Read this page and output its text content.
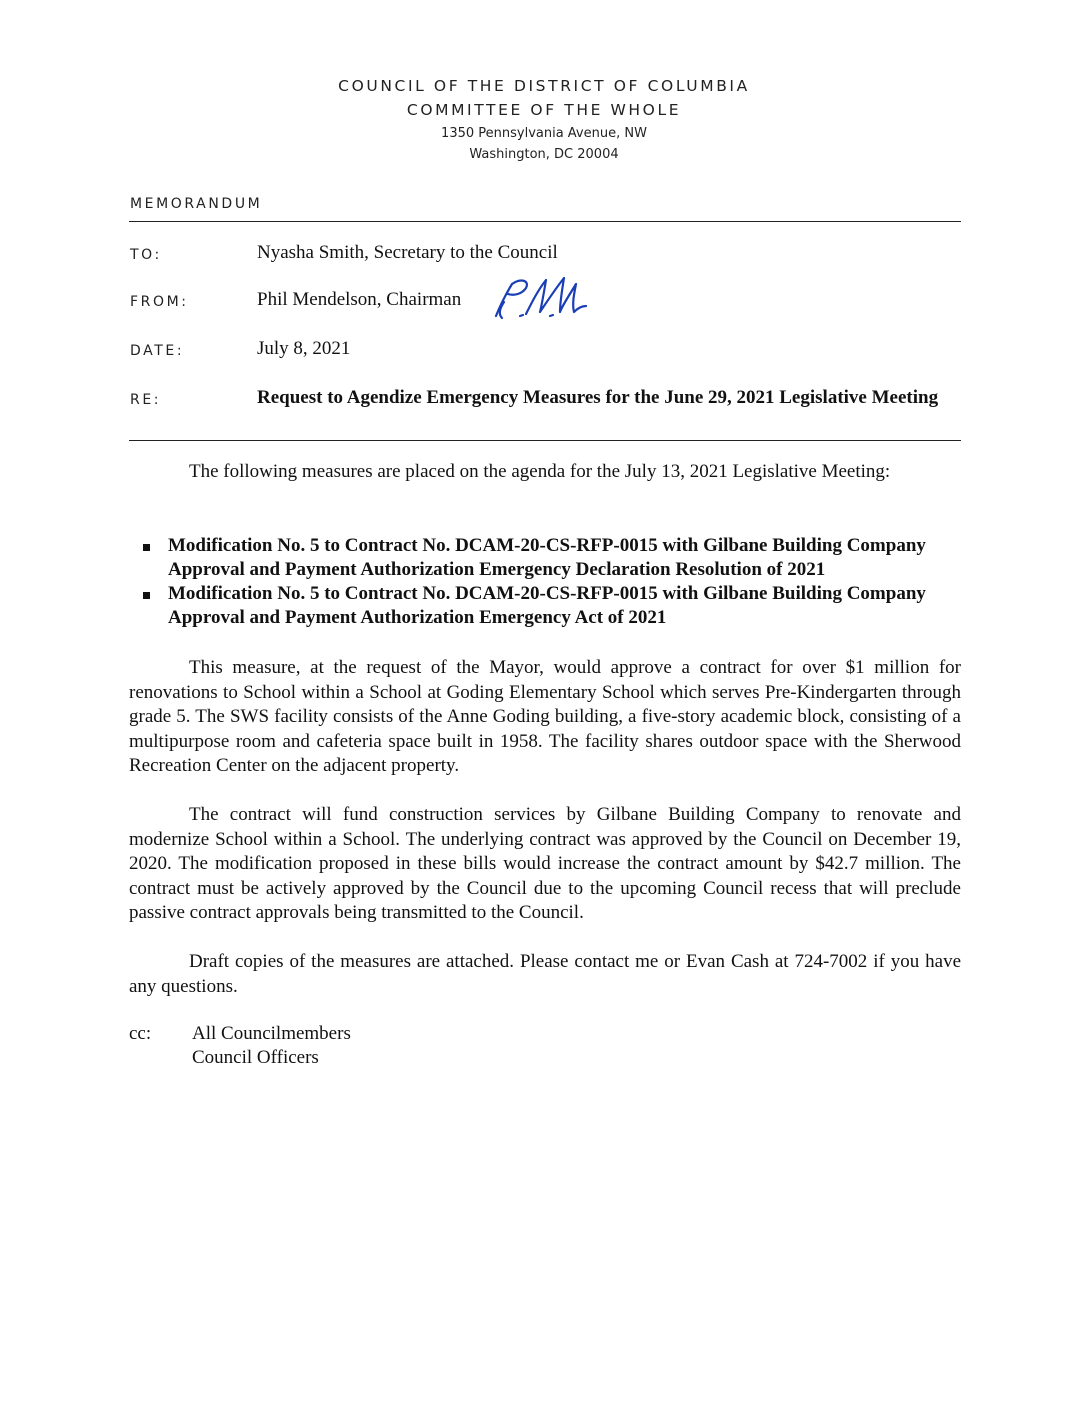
COUNCIL OF THE DISTRICT OF COLUMBIA
COMMITTEE OF THE WHOLE
1350 Pennsylvania Avenue, NW
Washington, DC 20004
MEMORANDUM
TO:	Nyasha Smith, Secretary to the Council
FROM:	Phil Mendelson, Chairman
DATE:	July 8, 2021
RE:	Request to Agendize Emergency Measures for the June 29, 2021 Legislative Meeting

The following measures are placed on the agenda for the July 13, 2021 Legislative Meeting:

Modification No. 5 to Contract No. DCAM-20-CS-RFP-0015 with Gilbane Building Company
Approval and Payment Authorization Emergency Declaration Resolution of 2021
Modification No. 5 to Contract No. DCAM-20-CS-RFP-0015 with Gilbane Building Company
Approval and Payment Authorization Emergency Act of 2021

This measure, at the request of the Mayor, would approve a contract for over $1 million for renovations to School within a School at Goding Elementary School which serves Pre-Kindergarten through grade 5. The SWS facility consists of the Anne Goding building, a five-story academic block, consisting of a multipurpose room and cafeteria space built in 1958. The facility shares outdoor space with the Sherwood Recreation Center on the adjacent property.

The contract will fund construction services by Gilbane Building Company to renovate and modernize School within a School. The underlying contract was approved by the Council on December 19, 2020. The modification proposed in these bills would increase the contract amount by $42.7 million. The contract must be actively approved by the Council due to the upcoming Council recess that will preclude passive contract approvals being transmitted to the Council.

Draft copies of the measures are attached. Please contact me or Evan Cash at 724-7002 if you have any questions.

cc: All Councilmembers
Council Officers
